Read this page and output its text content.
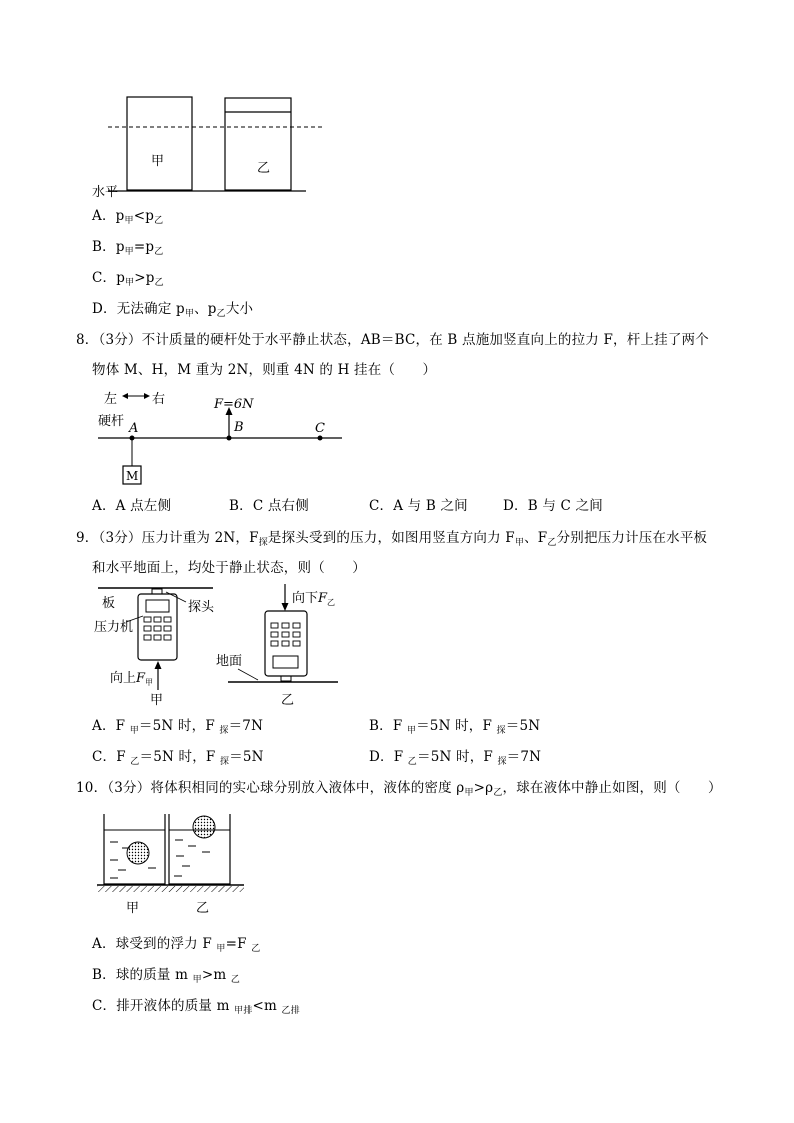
甲	乙
水平
A．$p_甲<p_乙$
B．$p_甲=p_乙$
C．$p_甲>p_乙$
D．无法确定 $p_甲$、$p_乙$大小
8．（3分）不计质量的硬杆处于水平静止状态，AB＝BC，在 B 点施加竖直向上的拉力 F，杆上挂了两个
物体 M、H，M 重为 2N，则重 4N 的 H 挂在（　　）
左	右
硬杆 A	B	C
F=6N
M
A．A 点左侧	B．C 点右侧	C．A 与 B 之间	D．B 与 C 之间
9．（3分）压力计重为 2N，$F_探$是探头受到的压力，如图用竖直方向力 $F_甲$、$F_乙$分别把压力计压在水平板
和水平地面上，均处于静止状态，则（　　）
板	探头
压力机
向上$F_甲$
甲
向下$F_乙$
地面
乙
A．F $_甲$＝5N 时，F $_探$＝7N	B．F $_甲$＝5N 时，F $_探$＝5N
C．F $_乙$＝5N 时，F $_探$＝5N	D．F $_乙$＝5N 时，F $_探$＝7N
10．（3分）将体积相同的实心球分别放入液体中，液体的密度 $\rho_甲>\rho_乙$，球在液体中静止如图，则（　　）
甲	乙
A．球受到的浮力 F $_甲$=F $_乙$
B．球的质量 m $_甲$>m $_乙$
C．排开液体的质量 m $_{甲排}$<m $_{乙排}$
